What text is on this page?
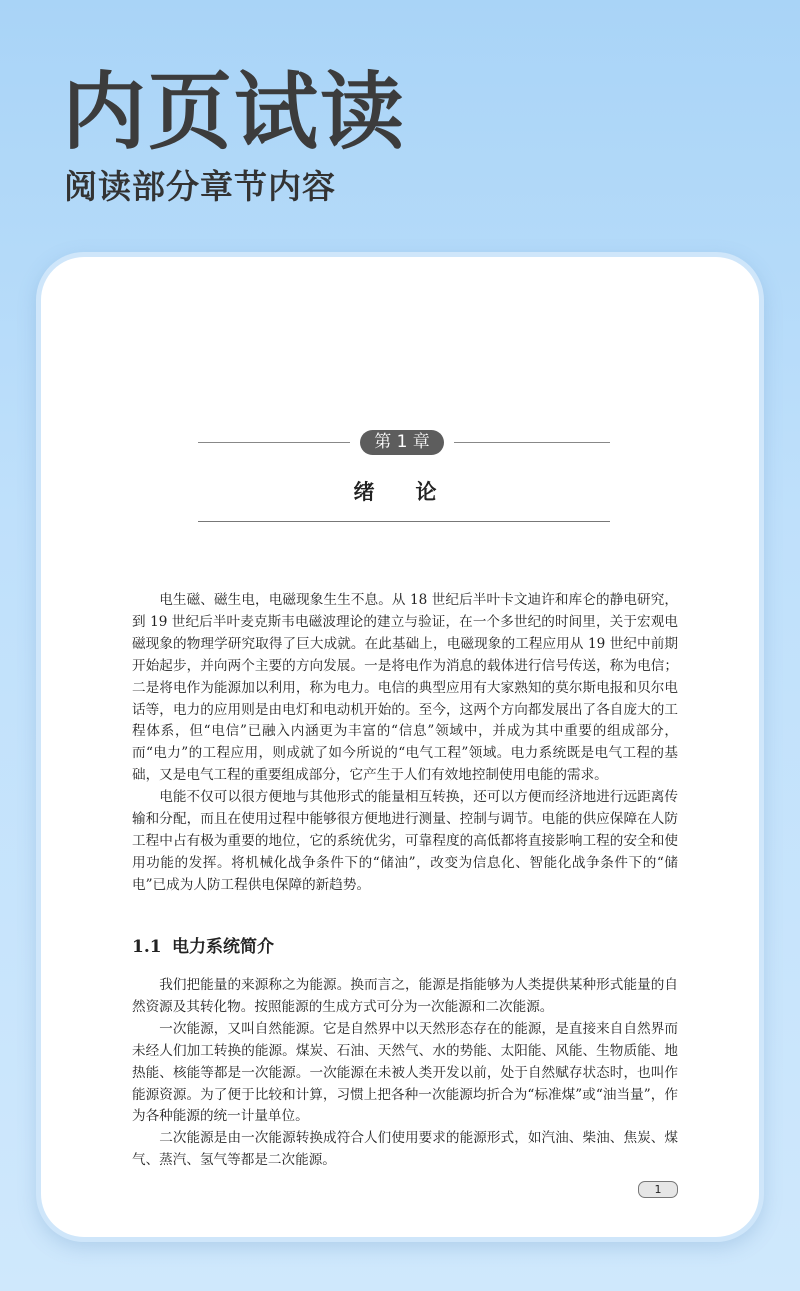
内页试读
阅读部分章节内容
第 1 章
绪　论

电生磁、磁生电，电磁现象生生不息。从 18 世纪后半叶卡文迪许和库仑的静电研究，到 19 世纪后半叶麦克斯韦电磁波理论的建立与验证，在一个多世纪的时间里，关于宏观电磁现象的物理学研究取得了巨大成就。在此基础上，电磁现象的工程应用从 19 世纪中前期开始起步，并向两个主要的方向发展。一是将电作为消息的载体进行信号传送，称为电信；二是将电作为能源加以利用，称为电力。电信的典型应用有大家熟知的莫尔斯电报和贝尔电话等，电力的应用则是由电灯和电动机开始的。至今，这两个方向都发展出了各自庞大的工程体系，但“电信”已融入内涵更为丰富的“信息”领域中，并成为其中重要的组成部分，而“电力”的工程应用，则成就了如今所说的“电气工程”领域。电力系统既是电气工程的基础，又是电气工程的重要组成部分，它产生于人们有效地控制使用电能的需求。

电能不仅可以很方便地与其他形式的能量相互转换，还可以方便而经济地进行远距离传输和分配，而且在使用过程中能够很方便地进行测量、控制与调节。电能的供应保障在人防工程中占有极为重要的地位，它的系统优劣，可靠程度的高低都将直接影响工程的安全和使用功能的发挥。将机械化战争条件下的“储油”，改变为信息化、智能化战争条件下的“储电”已成为人防工程供电保障的新趋势。

1.1 电力系统简介

我们把能量的来源称之为能源。换而言之，能源是指能够为人类提供某种形式能量的自然资源及其转化物。按照能源的生成方式可分为一次能源和二次能源。

一次能源，又叫自然能源。它是自然界中以天然形态存在的能源，是直接来自自然界而未经人们加工转换的能源。煤炭、石油、天然气、水的势能、太阳能、风能、生物质能、地热能、核能等都是一次能源。一次能源在未被人类开发以前，处于自然赋存状态时，也叫作能源资源。为了便于比较和计算，习惯上把各种一次能源均折合为“标准煤”或“油当量”，作为各种能源的统一计量单位。

二次能源是由一次能源转换成符合人们使用要求的能源形式，如汽油、柴油、焦炭、煤气、蒸汽、氢气等都是二次能源。

1
